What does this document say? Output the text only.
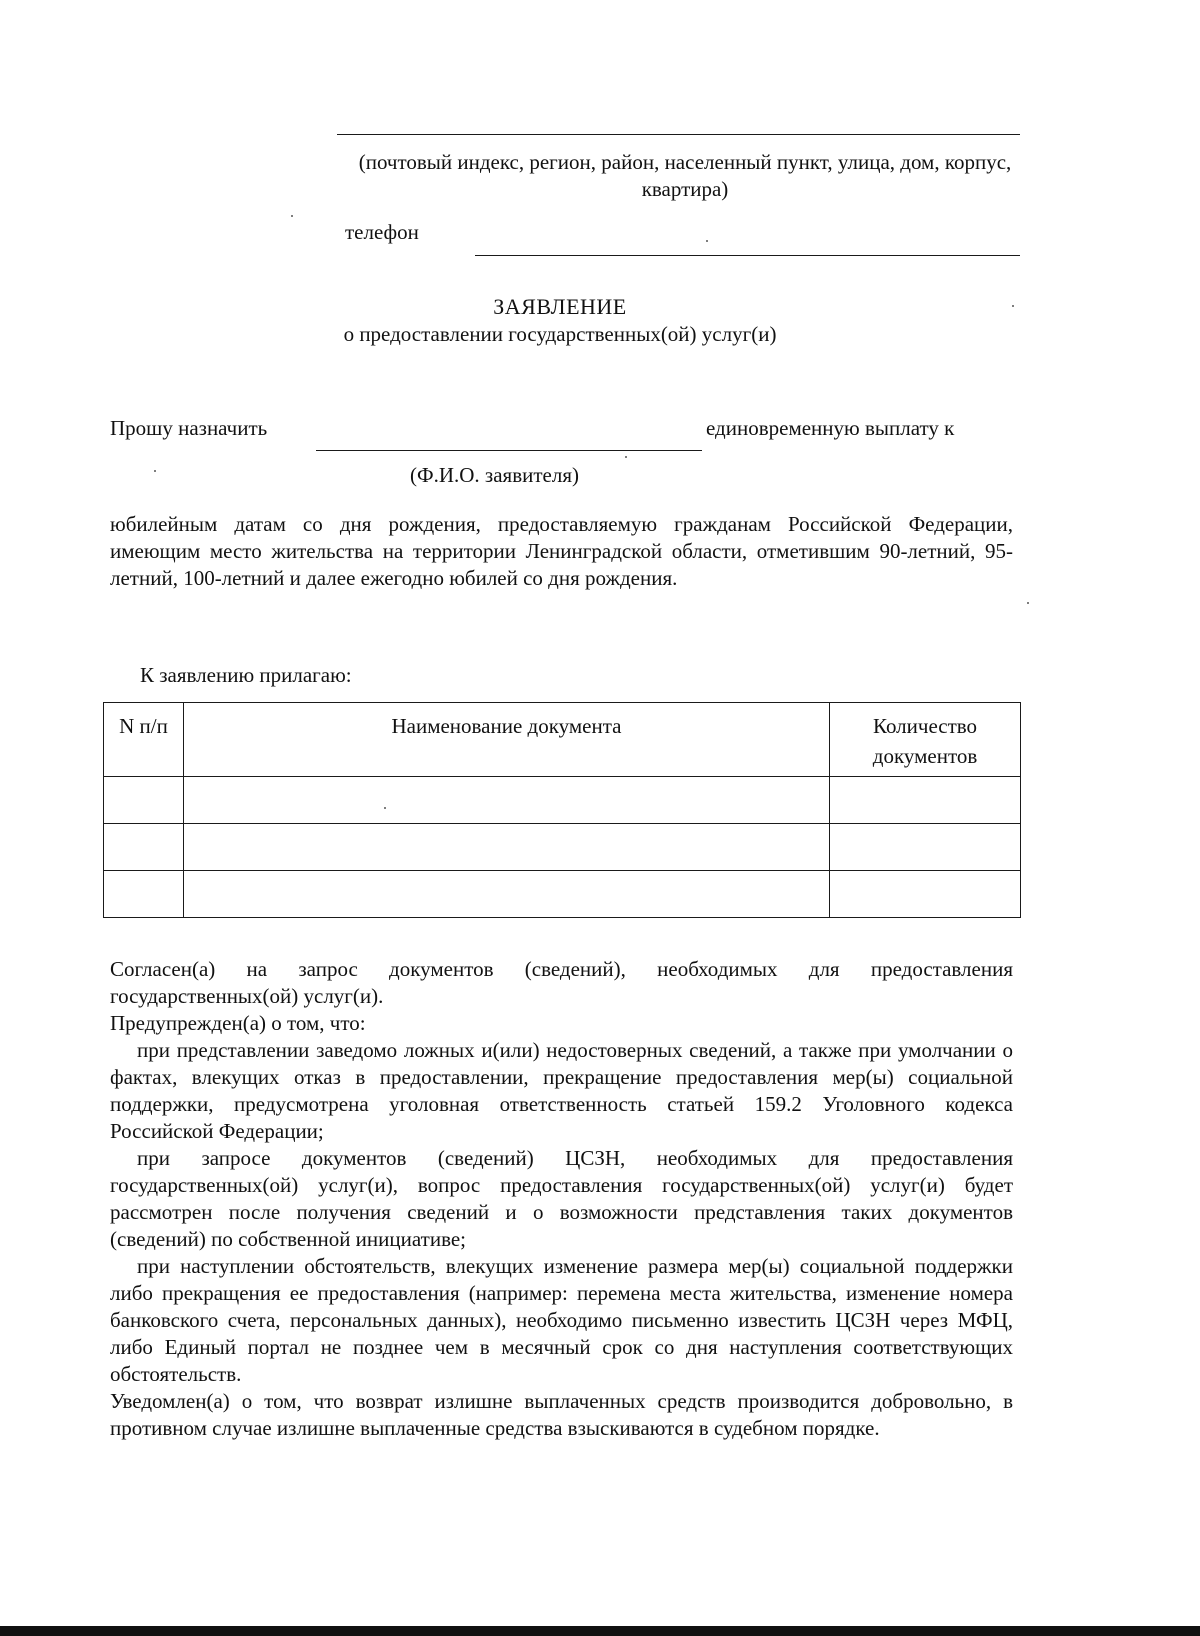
(почтовый индекс, регион, район, населенный пункт, улица, дом, корпус, квартира)
телефон
ЗАЯВЛЕНИЕ
о предоставлении государственных(ой) услуг(и)
Прошу назначить	единовременную выплату к
(Ф.И.О. заявителя)
юбилейным датам со дня рождения, предоставляемую гражданам Российской Федерации, имеющим место жительства на территории Ленинградской области, отметившим 90-летний, 95-летний, 100-летний и далее ежегодно юбилей со дня рождения.
К заявлению прилагаю:
N п/п	Наименование документа	Количество документов

Согласен(а) на запрос документов (сведений), необходимых для предоставления государственных(ой) услуг(и).

Предупрежден(а) о том, что:

при представлении заведомо ложных и(или) недостоверных сведений, а также при умолчании о фактах, влекущих отказ в предоставлении, прекращение предоставления мер(ы) социальной поддержки, предусмотрена уголовная ответственность статьей 159.2 Уголовного кодекса Российской Федерации;

при запросе документов (сведений) ЦСЗН, необходимых для предоставления государственных(ой) услуг(и), вопрос предоставления государственных(ой) услуг(и) будет рассмотрен после получения сведений и о возможности представления таких документов (сведений) по собственной инициативе;

при наступлении обстоятельств, влекущих изменение размера мер(ы) социальной поддержки либо прекращения ее предоставления (например: перемена места жительства, изменение номера банковского счета, персональных данных), необходимо письменно известить ЦСЗН через МФЦ, либо Единый портал не позднее чем в месячный срок со дня наступления соответствующих обстоятельств.

Уведомлен(а) о том, что возврат излишне выплаченных средств производится добровольно, в противном случае излишне выплаченные средства взыскиваются в судебном порядке.
